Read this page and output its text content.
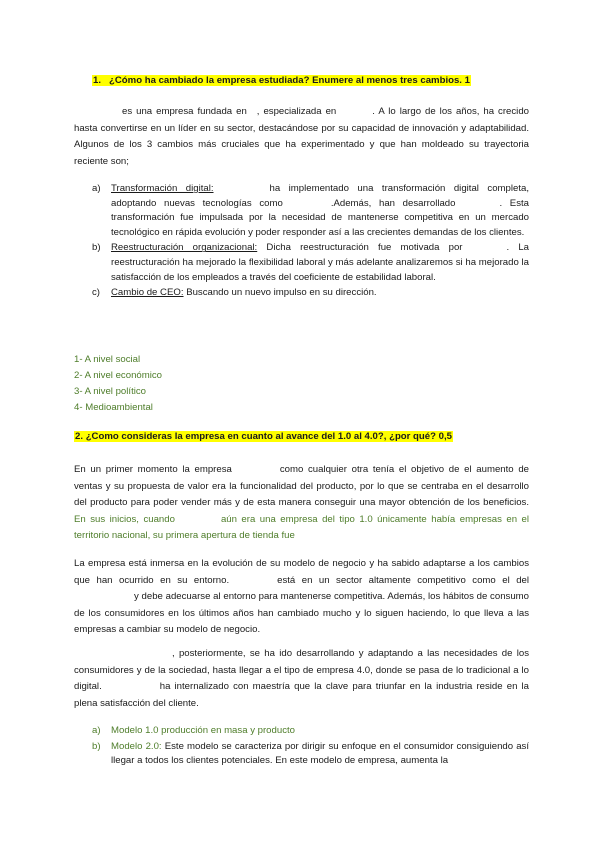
1. ¿Cómo ha cambiado la empresa estudiada? Enumere al menos tres cambios. 1

es una empresa fundada en , especializada en	. A lo largo de los años, ha crecido hasta convertirse en un líder en su sector, destacándose por su capacidad de innovación y adaptabilidad. Algunos de los 3 cambios más cruciales que ha experimentado y que han moldeado su trayectoria reciente son;

a) Transformación digital:	ha implementado una transformación digital completa, adoptando nuevas tecnologías como	.Además, han desarrollado	. Esta transformación fue impulsada por la necesidad de mantenerse competitiva en un mercado tecnológico en rápida evolución y poder responder así a las crecientes demandas de los clientes.
b) Reestructuración organizacional: Dicha reestructuración fue motivada por	. La reestructuración ha mejorado la flexibilidad laboral y más adelante analizaremos si ha mejorado la satisfacción de los empleados a través del coeficiente de estabilidad laboral.
c) Cambio de CEO: Buscando un nuevo impulso en su dirección.
1- A nivel social
2- A nivel económico
3- A nivel político
4- Medioambiental

2. ¿Como consideras la empresa en cuanto al avance del 1.0 al 4.0?, ¿por qué? 0,5

En un primer momento la empresa	como cualquier otra tenía el objetivo de el aumento de ventas y su propuesta de valor era la funcionalidad del producto, por lo que se centraba en el desarrollo del producto para poder vender más y de esta manera conseguir una mayor obtención de los beneficios. En sus inicios, cuando	aún era una empresa del tipo 1.0 únicamente había empresas en el territorio nacional, su primera apertura de tienda fue

La empresa está inmersa en la evolución de su modelo de negocio y ha sabido adaptarse a los cambios que han ocurrido en su entorno.	está en un sector altamente competitivo como el dely debe adecuarse al entorno para mantenerse competitiva. Además, los hábitos de consumo de los consumidores en los últimos años han cambiado mucho y lo siguen haciendo, lo que lleva a las empresas a cambiar su modelo de negocio.

, posteriormente, se ha ido desarrollando y adaptando a las necesidades de los consumidores y de la sociedad, hasta llegar a el tipo de empresa 4.0, donde se pasa de lo tradicional a lo digital.	ha internalizado con maestría que la clave para triunfar en la industria reside en la plena satisfacción del cliente.

a) Modelo 1.0 producción en masa y producto
b) Modelo 2.0: Este modelo se caracteriza por dirigir su enfoque en el consumidor consiguiendo así llegar a todos los clientes potenciales. En este modelo de empresa, aumenta la
